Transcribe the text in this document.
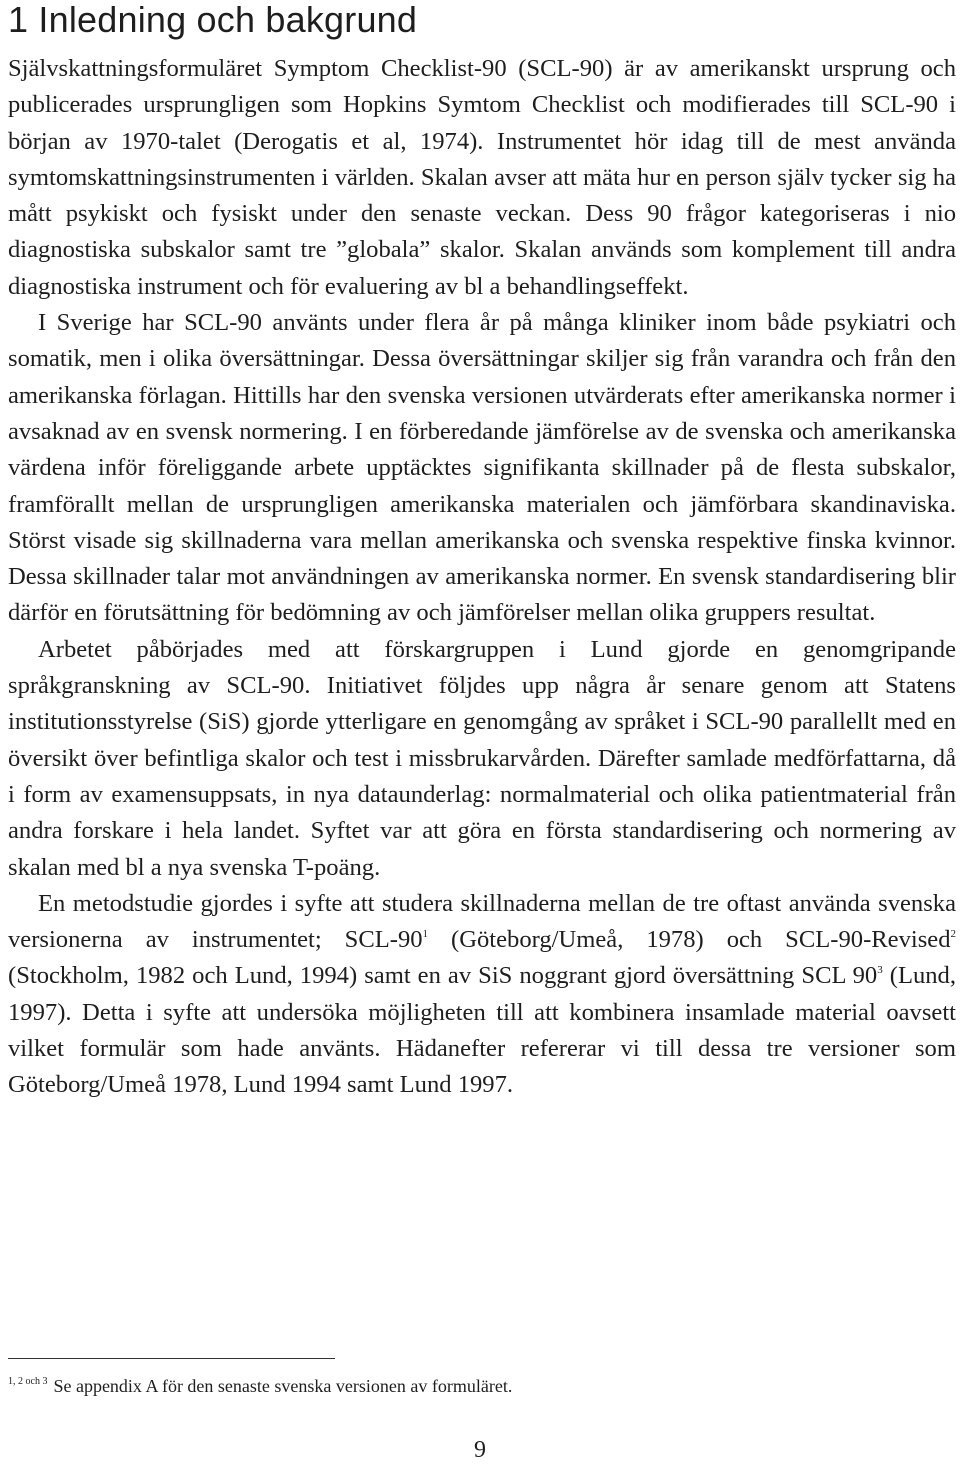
1 Inledning och bakgrund

Självskattningsformuläret Symptom Checklist-90 (SCL-90) är av amerikanskt ursprung och publicerades ursprungligen som Hopkins Symtom Checklist och modifierades till SCL-90 i början av 1970-talet (Derogatis et al, 1974). Instrumentet hör idag till de mest använda symtomskattningsinstrumenten i världen. Skalan avser att mäta hur en person själv tycker sig ha mått psykiskt och fysiskt under den senaste veckan. Dess 90 frågor kategoriseras i nio diagnostiska subskalor samt tre ”globala” skalor. Skalan används som komplement till andra diagnostiska instrument och för evaluering av bl a behandlingseffekt.

I Sverige har SCL-90 använts under flera år på många kliniker inom både psykiatri och somatik, men i olika översättningar. Dessa översättningar skiljer sig från varandra och från den amerikanska förlagan. Hittills har den svenska versionen utvärderats efter amerikanska normer i avsaknad av en svensk normering. I en förberedande jämförelse av de svenska och amerikanska värdena inför föreliggande arbete upptäcktes signifikanta skillnader på de flesta subskalor, framförallt mellan de ursprungligen amerikanska materialen och jämförbara skandinaviska. Störst visade sig skillnaderna vara mellan amerikanska och svenska respektive finska kvinnor. Dessa skillnader talar mot användningen av amerikanska normer. En svensk standardisering blir därför en förutsättning för bedömning av och jämförelser mellan olika gruppers resultat.

Arbetet påbörjades med att förskargruppen i Lund gjorde en genomgripande språkgranskning av SCL-90. Initiativet följdes upp några år senare genom att Statens institutionsstyrelse (SiS) gjorde ytterligare en genomgång av språket i SCL-90 parallellt med en översikt över befintliga skalor och test i missbrukarvården. Därefter samlade medförfattarna, då i form av examensuppsats, in nya dataunderlag: normalmaterial och olika patientmaterial från andra forskare i hela landet. Syftet var att göra en första standardisering och normering av skalan med bl a nya svenska T-poäng.

En metodstudie gjordes i syfte att studera skillnaderna mellan de tre oftast använda svenska versionerna av instrumentet; SCL-$90^1$ (Göteborg/Umeå, 1978) och SCL-90-Revised$^2$ (Stockholm, 1982 och Lund, 1994) samt en av SiS noggrant gjord översättning SCL $90^3$ (Lund, 1997). Detta i syfte att undersöka möjligheten till att kombinera insamlade material oavsett vilket formulär som hade använts. Hädanefter refererar vi till dessa tre versioner som Göteborg/Umeå 1978, Lund 1994 samt Lund 1997.

$^{1, 2 och 3}$ Se appendix A för den senaste svenska versionen av formuläret.
9
